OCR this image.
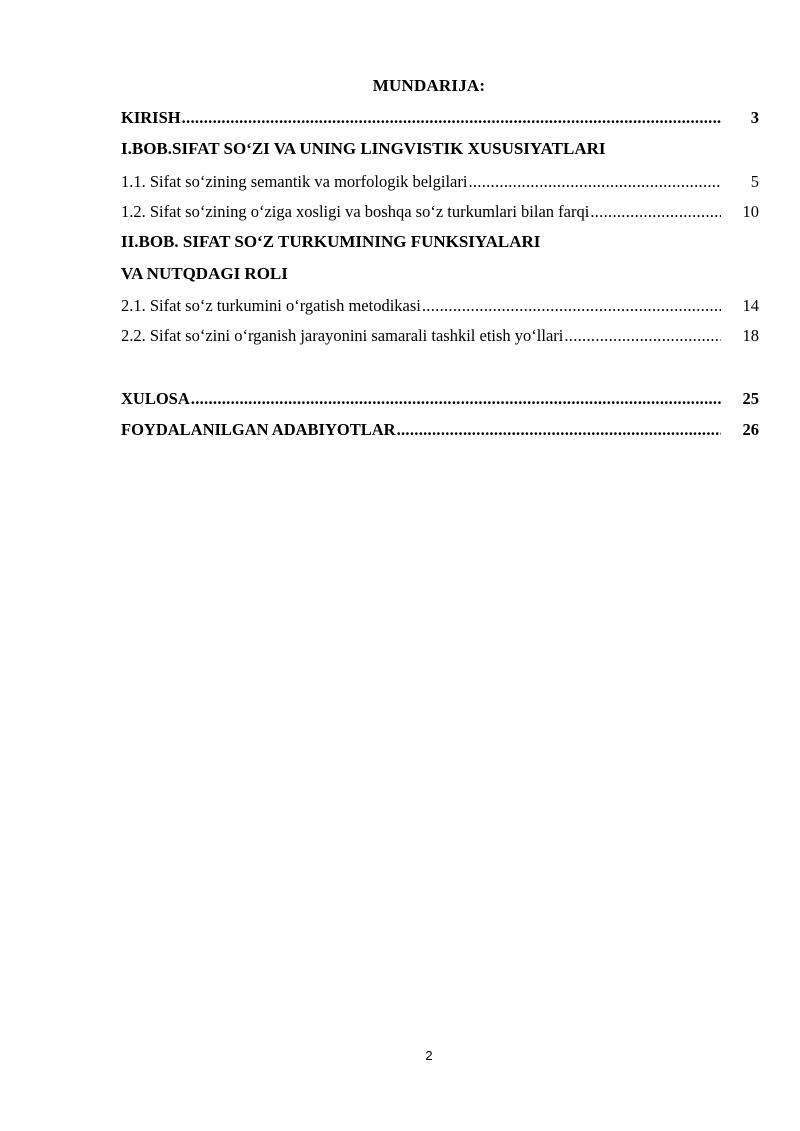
MUNDARIJA:
KIRISH .....	3
I.BOB.SIFAT SO‘ZI VA UNING LINGVISTIK XUSUSIYATLARI
1.1. Sifat so‘zining semantik va morfologik belgilari .....	5
1.2. Sifat so‘zining o‘ziga xosligi va boshqa so‘z turkumlari bilan farqi .....	10
II.BOB. SIFAT SO‘Z TURKUMINING FUNKSIYALARI
VA NUTQDAGI ROLI
2.1. Sifat so‘z turkumini o‘rgatish metodikasi .....	14
2.2. Sifat so‘zini o‘rganish jarayonini samarali tashkil etish yo‘llari .....	18
XULOSA .....	25
FOYDALANILGAN ADABIYOTLAR .....	26
2
